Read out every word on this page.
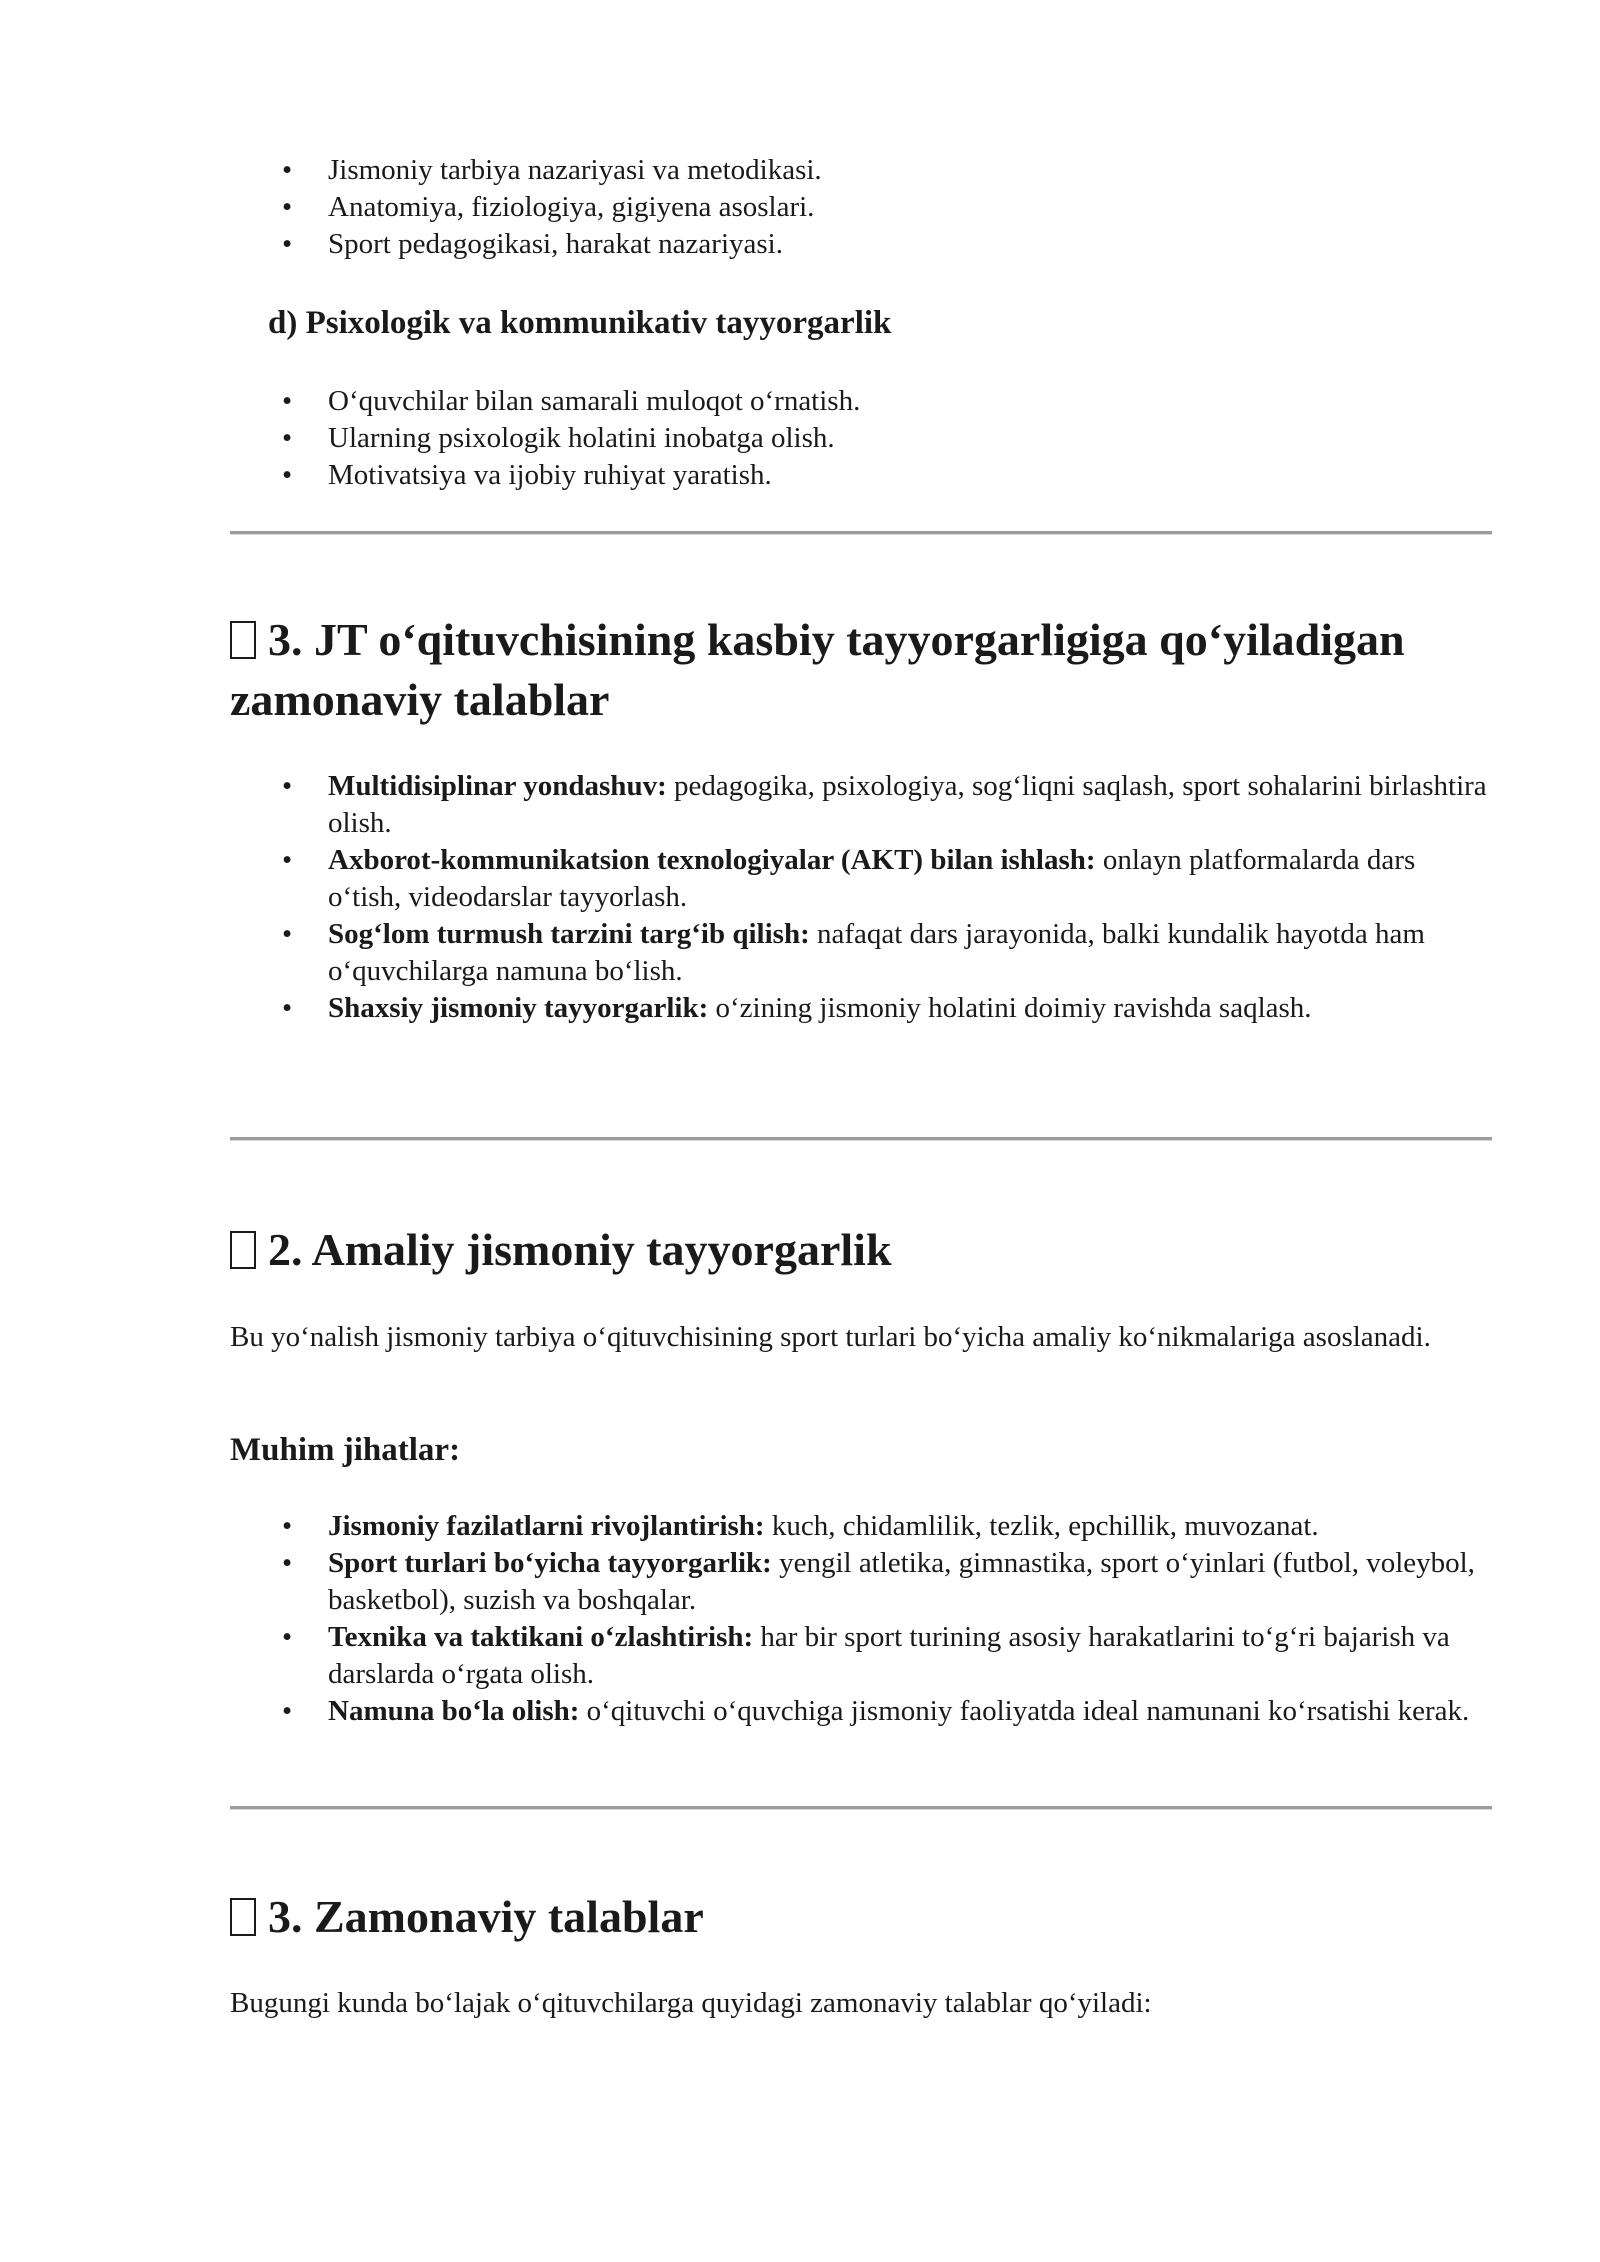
• Jismoniy tarbiya nazariyasi va metodikasi.
• Anatomiya, fiziologiya, gigiyena asoslari.
• Sport pedagogikasi, harakat nazariyasi.
d) Psixologik va kommunikativ tayyorgarlik
• O‘quvchilar bilan samarali muloqot o‘rnatish.
• Ularning psixologik holatini inobatga olish.
• Motivatsiya va ijobiy ruhiyat yaratish.
3. JT o‘qituvchisining kasbiy tayyorgarligiga qo‘yiladigan zamonaviy talablar
• Multidisiplinar yondashuv: pedagogika, psixologiya, sog‘liqni saqlash, sport sohalarini birlashtira olish.
• Axborot-kommunikatsion texnologiyalar (AKT) bilan ishlash: onlayn platformalarda dars o‘tish, videodarslar tayyorlash.
• Sog‘lom turmush tarzini targ‘ib qilish: nafaqat dars jarayonida, balki kundalik hayotda ham o‘quvchilarga namuna bo‘lish.
• Shaxsiy jismoniy tayyorgarlik: o‘zining jismoniy holatini doimiy ravishda saqlash.
2. Amaliy jismoniy tayyorgarlik

Bu yo‘nalish jismoniy tarbiya o‘qituvchisining sport turlari bo‘yicha amaliy ko‘nikmalariga asoslanadi.

Muhim jihatlar:
• Jismoniy fazilatlarni rivojlantirish: kuch, chidamlilik, tezlik, epchillik, muvozanat.
• Sport turlari bo‘yicha tayyorgarlik: yengil atletika, gimnastika, sport o‘yinlari (futbol, voleybol, basketbol), suzish va boshqalar.
• Texnika va taktikani o‘zlashtirish: har bir sport turining asosiy harakatlarini to‘g‘ri bajarish va darslarda o‘rgata olish.
• Namuna bo‘la olish: o‘qituvchi o‘quvchiga jismoniy faoliyatda ideal namunani ko‘rsatishi kerak.
3. Zamonaviy talablar

Bugungi kunda bo‘lajak o‘qituvchilarga quyidagi zamonaviy talablar qo‘yiladi:
